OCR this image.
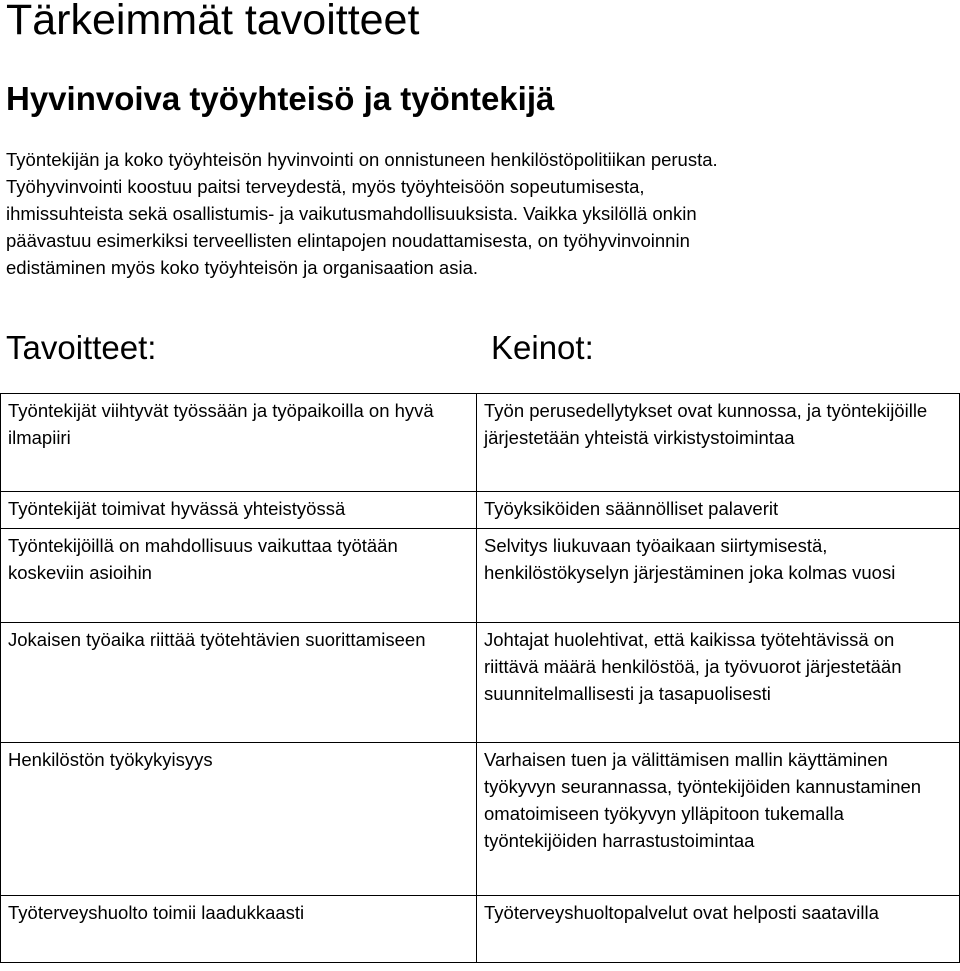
Tärkeimmät tavoitteet
Hyvinvoiva työyhteisö ja työntekijä

Työntekijän ja koko työyhteisön hyvinvointi on onnistuneen henkilöstöpolitiikan perusta.

Työhyvinvointi koostuu paitsi terveydestä, myös työyhteisöön sopeutumisesta,

ihmissuhteista sekä osallistumis- ja vaikutusmahdollisuuksista. Vaikka yksilöllä onkin

päävastuu esimerkiksi terveellisten elintapojen noudattamisesta, on työhyvinvoinnin

edistäminen myös koko työyhteisön ja organisaation asia.

Tavoitteet:	Keinot:
Työntekijät viihtyvät työssään ja työpaikoilla on hyvä ilmapiiri	Työn perusedellytykset ovat kunnossa, ja työntekijöille järjestetään yhteistä virkistystoimintaa
Työntekijät toimivat hyvässä yhteistyössä	Työyksiköiden säännölliset palaverit
Työntekijöillä on mahdollisuus vaikuttaa työtään koskeviin asioihin	Selvitys liukuvaan työaikaan siirtymisestä, henkilöstökyselyn järjestäminen joka kolmas vuosi
Jokaisen työaika riittää työtehtävien suorittamiseen	Johtajat huolehtivat, että kaikissa työtehtävissä on riittävä määrä henkilöstöä, ja työvuorot järjestetään suunnitelmallisesti ja tasapuolisesti
Henkilöstön työkykyisyys	Varhaisen tuen ja välittämisen mallin käyttäminen työkyvyn seurannassa, työntekijöiden kannustaminen omatoimiseen työkyvyn ylläpitoon tukemalla työntekijöiden harrastustoimintaa
Työterveyshuolto toimii laadukkaasti	Työterveyshuoltopalvelut ovat helposti saatavilla
